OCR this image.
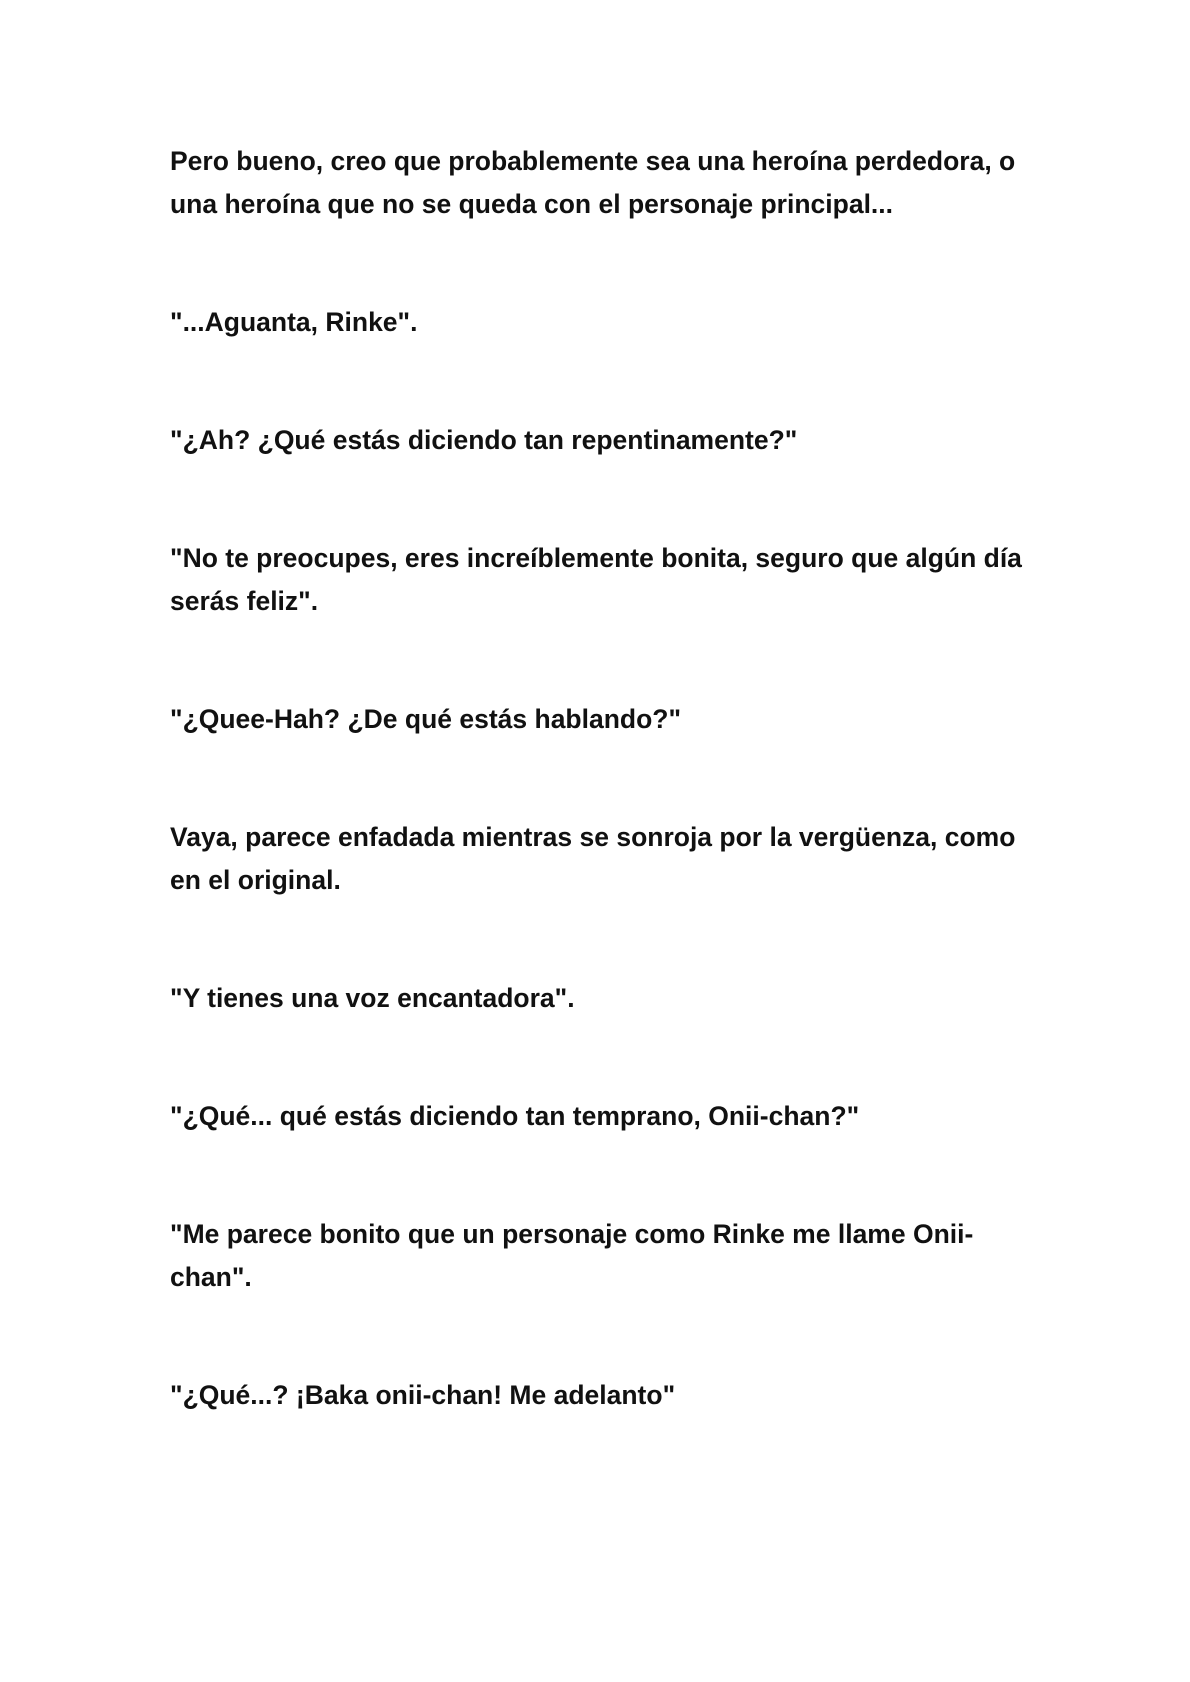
Pero bueno, creo que probablemente sea una heroína perdedora, o una heroína que no se queda con el personaje principal...

"...Aguanta, Rinke".

"¿Ah? ¿Qué estás diciendo tan repentinamente?"

"No te preocupes, eres increíblemente bonita, seguro que algún día serás feliz".

"¿Quee-Hah? ¿De qué estás hablando?"

Vaya, parece enfadada mientras se sonroja por la vergüenza, como en el original.

"Y tienes una voz encantadora".

"¿Qué... qué estás diciendo tan temprano, Onii-chan?"

"Me parece bonito que un personaje como Rinke me llame Onii-chan".

"¿Qué...? ¡Baka onii-chan! Me adelanto"
